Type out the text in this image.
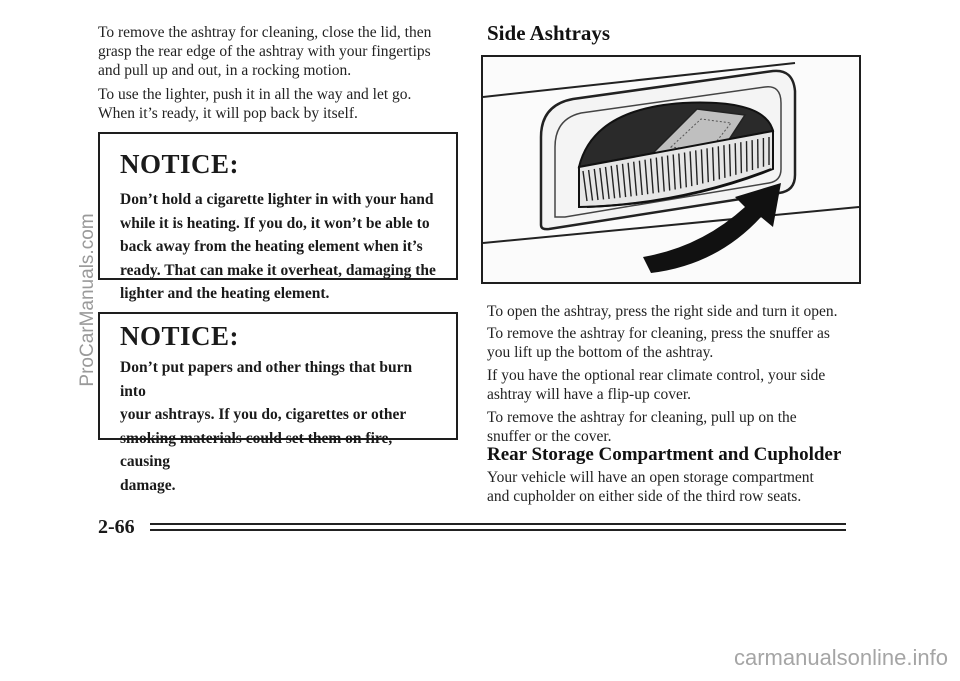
To remove the ashtray for cleaning, close the lid, then
grasp the rear edge of the ashtray with your fingertips
and pull up and out, in a rocking motion.

To use the lighter, push it in all the way and let go.
When it’s ready, it will pop back by itself.

NOTICE:

Don’t hold a cigarette lighter in with your hand
while it is heating. If you do, it won’t be able to
back away from the heating element when it’s
ready. That can make it overheat, damaging the
lighter and the heating element.

NOTICE:

Don’t put papers and other things that burn into
your ashtrays. If you do, cigarettes or other
smoking materials could set them on fire, causing
damage.

Side Ashtrays

To open the ashtray, press the right side and turn it open.

To remove the ashtray for cleaning, press the snuffer as
you lift up the bottom of the ashtray.

If you have the optional rear climate control, your side
ashtray will have a flip-up cover.

To remove the ashtray for cleaning, pull up on the
snuffer or the cover.

Rear Storage Compartment and Cupholder

Your vehicle will have an open storage compartment
and cupholder on either side of the third row seats.

2-66

ProCarManuals.com
carmanualsonline.info
